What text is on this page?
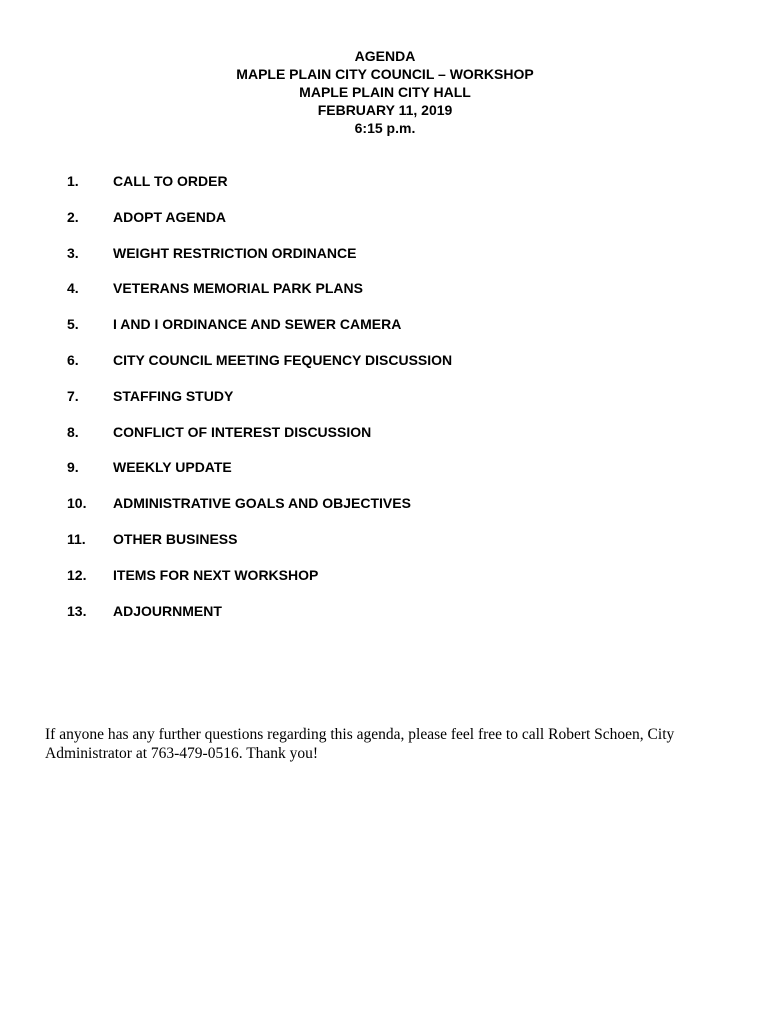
AGENDA
MAPLE PLAIN CITY COUNCIL – WORKSHOP
MAPLE PLAIN CITY HALL
FEBRUARY 11, 2019
6:15 p.m.
1.	CALL TO ORDER
2.	ADOPT AGENDA
3.	WEIGHT RESTRICTION ORDINANCE
4.	VETERANS MEMORIAL PARK PLANS
5.	I AND I ORDINANCE AND SEWER CAMERA
6.	CITY COUNCIL MEETING FEQUENCY DISCUSSION
7.	STAFFING STUDY
8.	CONFLICT OF INTEREST DISCUSSION
9.	WEEKLY UPDATE
10.	ADMINISTRATIVE GOALS AND OBJECTIVES
11.	OTHER BUSINESS
12.	ITEMS FOR NEXT WORKSHOP
13.	ADJOURNMENT
If anyone has any further questions regarding this agenda, please feel free to call Robert Schoen, City
Administrator at 763-479-0516. Thank you!
